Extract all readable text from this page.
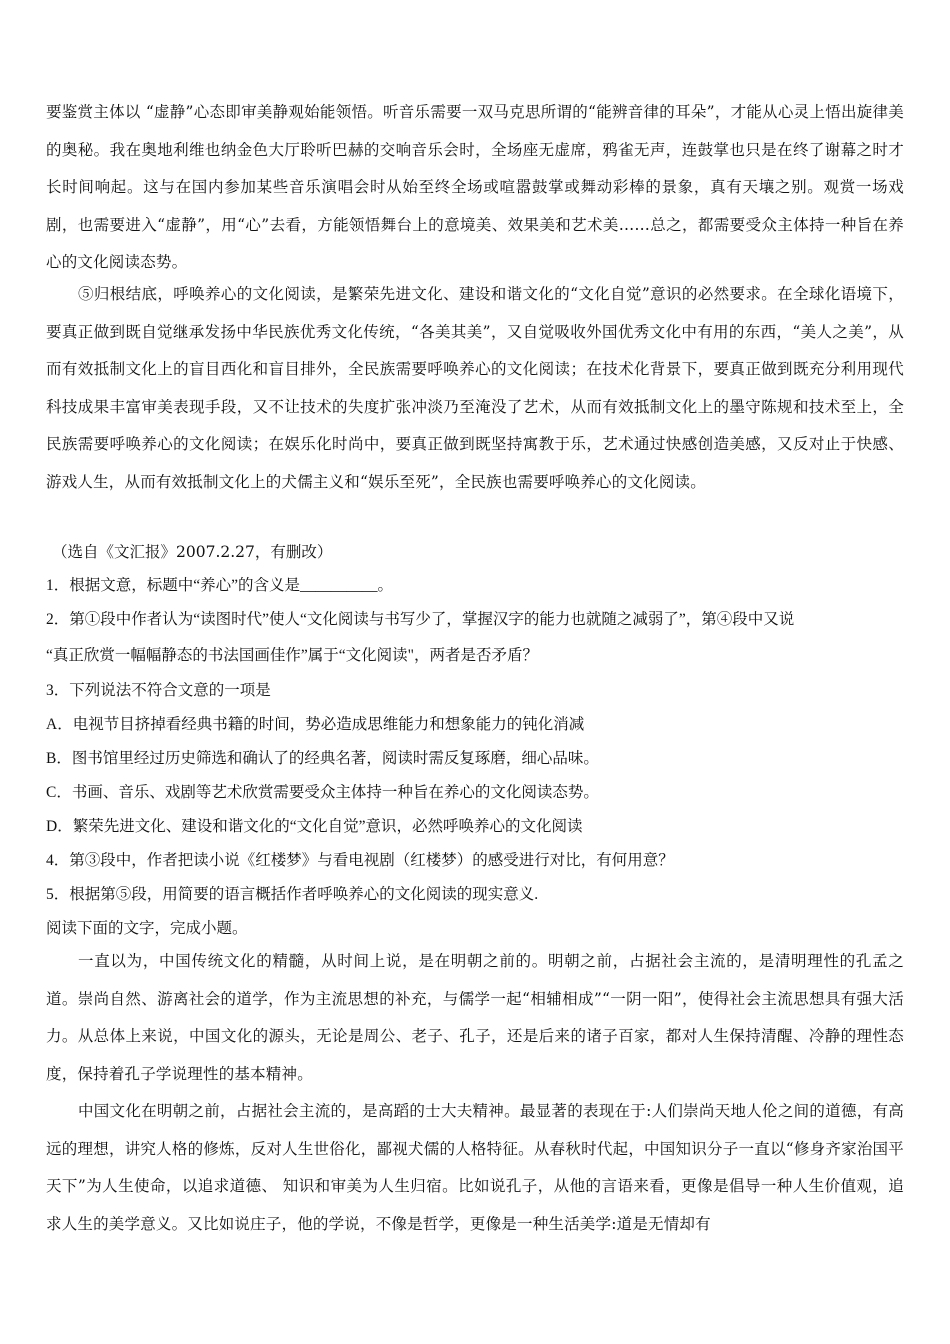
要鉴赏主体以 “虚静”心态即审美静观始能领悟。听音乐需要一双马克思所谓的“能辨音律的耳朵”，才能从心灵上悟出旋律美的奥秘。我在奥地利维也纳金色大厅聆听巴赫的交响音乐会时，全场座无虚席，鸦雀无声，连鼓掌也只是在终了谢幕之时才长时间响起。这与在国内参加某些音乐演唱会时从始至终全场或喧嚣鼓掌或舞动彩棒的景象，真有天壤之别。观赏一场戏剧，也需要进入“虚静”，用“心”去看，方能领悟舞台上的意境美、效果美和艺术美……总之，都需要受众主体持一种旨在养心的文化阅读态势。

⑤归根结底，呼唤养心的文化阅读，是繁荣先进文化、建设和谐文化的“文化自觉”意识的必然要求。在全球化语境下，要真正做到既自觉继承发扬中华民族优秀文化传统，“各美其美”，又自觉吸收外国优秀文化中有用的东西，“美人之美”，从而有效抵制文化上的盲目西化和盲目排外，全民族需要呼唤养心的文化阅读；在技术化背景下，要真正做到既充分利用现代科技成果丰富审美表现手段，又不让技术的失度扩张冲淡乃至淹没了艺术，从而有效抵制文化上的墨守陈规和技术至上，全民族需要呼唤养心的文化阅读；在娱乐化时尚中，要真正做到既坚持寓教于乐，艺术通过快感创造美感，又反对止于快感、游戏人生，从而有效抵制文化上的犬儒主义和“娱乐至死”，全民族也需要呼唤养心的文化阅读。

（选自《文汇报》2007.2.27，有删改）
1．根据文意，标题中“养心”的含义是__________。
2．第①段中作者认为“读图时代”使人“文化阅读与书写少了，掌握汉字的能力也就随之减弱了”，第④段中又说
“真正欣赏一幅幅静态的书法国画佳作”属于“文化阅读"，两者是否矛盾？
3．下列说法不符合文意的一项是
A．电视节目挤掉看经典书籍的时间，势必造成思维能力和想象能力的钝化消减
B．图书馆里经过历史筛选和确认了的经典名著，阅读时需反复琢磨，细心品味。
C．书画、音乐、戏剧等艺术欣赏需要受众主体持一种旨在养心的文化阅读态势。
D．繁荣先进文化、建设和谐文化的“文化自觉”意识，必然呼唤养心的文化阅读
4．第③段中，作者把读小说《红楼梦》与看电视剧（红楼梦）的感受进行对比，有何用意？
5．根据第⑤段，用简要的语言概括作者呼唤养心的文化阅读的现实意义.
阅读下面的文字，完成小题。

一直以为，中国传统文化的精髓，从时间上说，是在明朝之前的。明朝之前，占据社会主流的，是清明理性的孔孟之道。崇尚自然、游离社会的道学，作为主流思想的补充，与儒学一起“相辅相成”“一阴一阳”，使得社会主流思想具有强大活力。从总体上来说，中国文化的源头，无论是周公、老子、孔子，还是后来的诸子百家，都对人生保持清醒、冷静的理性态度，保持着孔子学说理性的基本精神。

中国文化在明朝之前，占据社会主流的，是高蹈的士大夫精神。最显著的表现在于:人们崇尚天地人伦之间的道德，有高远的理想，讲究人格的修炼，反对人生世俗化，鄙视犬儒的人格特征。从春秋时代起，中国知识分子一直以“修身齐家治国平天下”为人生使命，以追求道德、 知识和审美为人生归宿。比如说孔子，从他的言语来看，更像是倡导一种人生价值观，追求人生的美学意义。又比如说庄子，他的学说，不像是哲学，更像是一种生活美学:道是无情却有
